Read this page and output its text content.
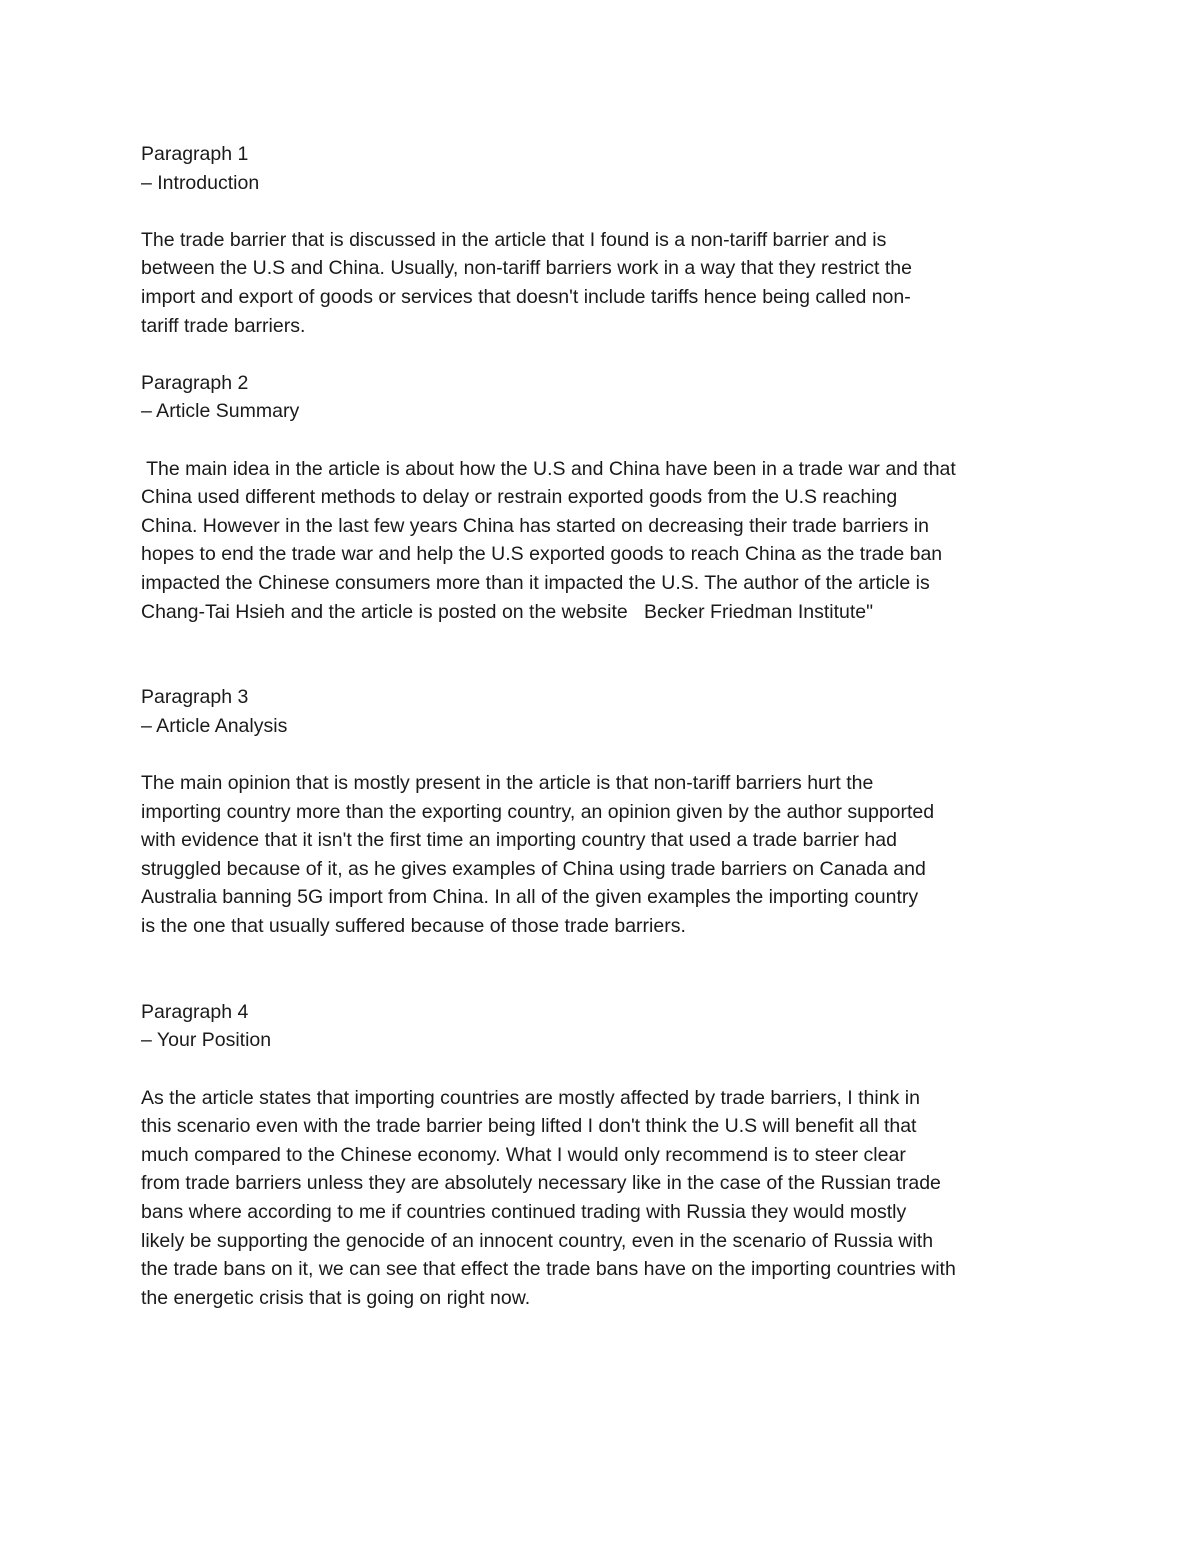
Paragraph 1
– Introduction
The trade barrier that is discussed in the article that I found is a non-tariff barrier and is
between the U.S and China. Usually, non-tariff barriers work in a way that they restrict the
import and export of goods or services that doesn't include tariffs hence being called non-
tariff trade barriers.
Paragraph 2
– Article Summary
The main idea in the article is about how the U.S and China have been in a trade war and that
China used different methods to delay or restrain exported goods from the U.S reaching
China. However in the last few years China has started on decreasing their trade barriers in
hopes to end the trade war and help the U.S exported goods to reach China as the trade ban
impacted the Chinese consumers more than it impacted the U.S. The author of the article is
Chang-Tai Hsieh and the article is posted on the website   Becker Friedman Institute"
Paragraph 3
– Article Analysis
The main opinion that is mostly present in the article is that non-tariff barriers hurt the
importing country more than the exporting country, an opinion given by the author supported
with evidence that it isn't the first time an importing country that used a trade barrier had
struggled because of it, as he gives examples of China using trade barriers on Canada and
Australia banning 5G import from China. In all of the given examples the importing country
is the one that usually suffered because of those trade barriers.
Paragraph 4
– Your Position
As the article states that importing countries are mostly affected by trade barriers, I think in
this scenario even with the trade barrier being lifted I don't think the U.S will benefit all that
much compared to the Chinese economy. What I would only recommend is to steer clear
from trade barriers unless they are absolutely necessary like in the case of the Russian trade
bans where according to me if countries continued trading with Russia they would mostly
likely be supporting the genocide of an innocent country, even in the scenario of Russia with
the trade bans on it, we can see that effect the trade bans have on the importing countries with
the energetic crisis that is going on right now.
